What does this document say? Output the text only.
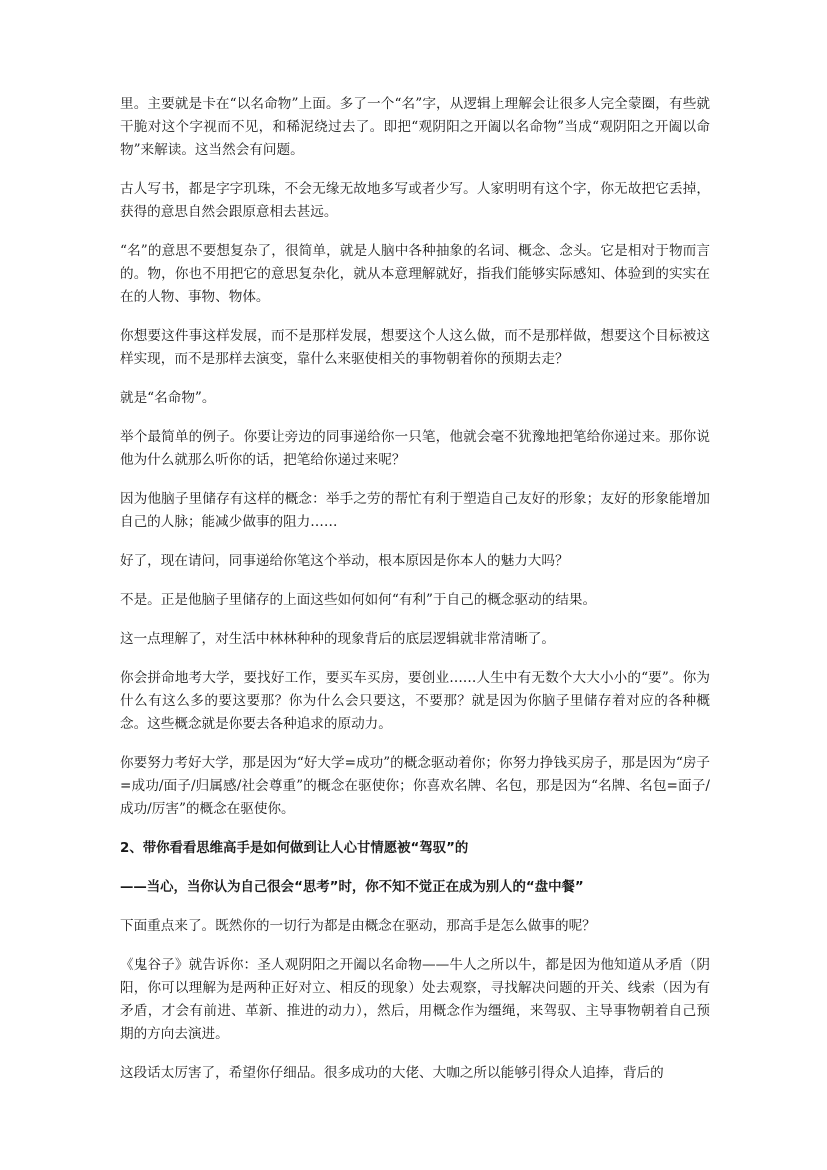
里。主要就是卡在“以名命物”上面。多了一个“名”字，从逻辑上理解会让很多人完全蒙圈，有些就干脆对这个字视而不见，和稀泥绕过去了。即把“观阴阳之开阖以名命物”当成“观阴阳之开阖以命物”来解读。这当然会有问题。

古人写书，都是字字玑珠，不会无缘无故地多写或者少写。人家明明有这个字，你无故把它丢掉，获得的意思自然会跟原意相去甚远。

“名”的意思不要想复杂了，很简单，就是人脑中各种抽象的名词、概念、念头。它是相对于物而言的。物，你也不用把它的意思复杂化，就从本意理解就好，指我们能够实际感知、体验到的实实在在的人物、事物、物体。

你想要这件事这样发展，而不是那样发展，想要这个人这么做，而不是那样做，想要这个目标被这样实现，而不是那样去演变，靠什么来驱使相关的事物朝着你的预期去走？

就是“名命物”。

举个最简单的例子。你要让旁边的同事递给你一只笔，他就会毫不犹豫地把笔给你递过来。那你说他为什么就那么听你的话，把笔给你递过来呢？

因为他脑子里储存有这样的概念：举手之劳的帮忙有利于塑造自己友好的形象；友好的形象能增加自己的人脉；能减少做事的阻力……

好了，现在请问，同事递给你笔这个举动，根本原因是你本人的魅力大吗？

不是。正是他脑子里储存的上面这些如何如何“有利”于自己的概念驱动的结果。

这一点理解了，对生活中林林种种的现象背后的底层逻辑就非常清晰了。

你会拼命地考大学，要找好工作，要买车买房，要创业……人生中有无数个大大小小的“要”。你为什么有这么多的要这要那？你为什么会只要这，不要那？就是因为你脑子里储存着对应的各种概念。这些概念就是你要去各种追求的原动力。

你要努力考好大学，那是因为“好大学=成功”的概念驱动着你；你努力挣钱买房子，那是因为“房子=成功/面子/归属感/社会尊重”的概念在驱使你；你喜欢名牌、名包，那是因为“名牌、名包=面子/成功/厉害”的概念在驱使你。

2、带你看看思维高手是如何做到让人心甘情愿被“驾驭”的

——当心，当你认为自己很会“思考”时，你不知不觉正在成为别人的“盘中餐”

下面重点来了。既然你的一切行为都是由概念在驱动，那高手是怎么做事的呢？

《鬼谷子》就告诉你：圣人观阴阳之开阖以名命物——牛人之所以牛，都是因为他知道从矛盾（阴阳，你可以理解为是两种正好对立、相反的现象）处去观察，寻找解决问题的开关、线索（因为有矛盾，才会有前进、革新、推进的动力），然后，用概念作为缰绳，来驾驭、主导事物朝着自己预期的方向去演进。

这段话太厉害了，希望你仔细品。很多成功的大佬、大咖之所以能够引得众人追捧，背后的
